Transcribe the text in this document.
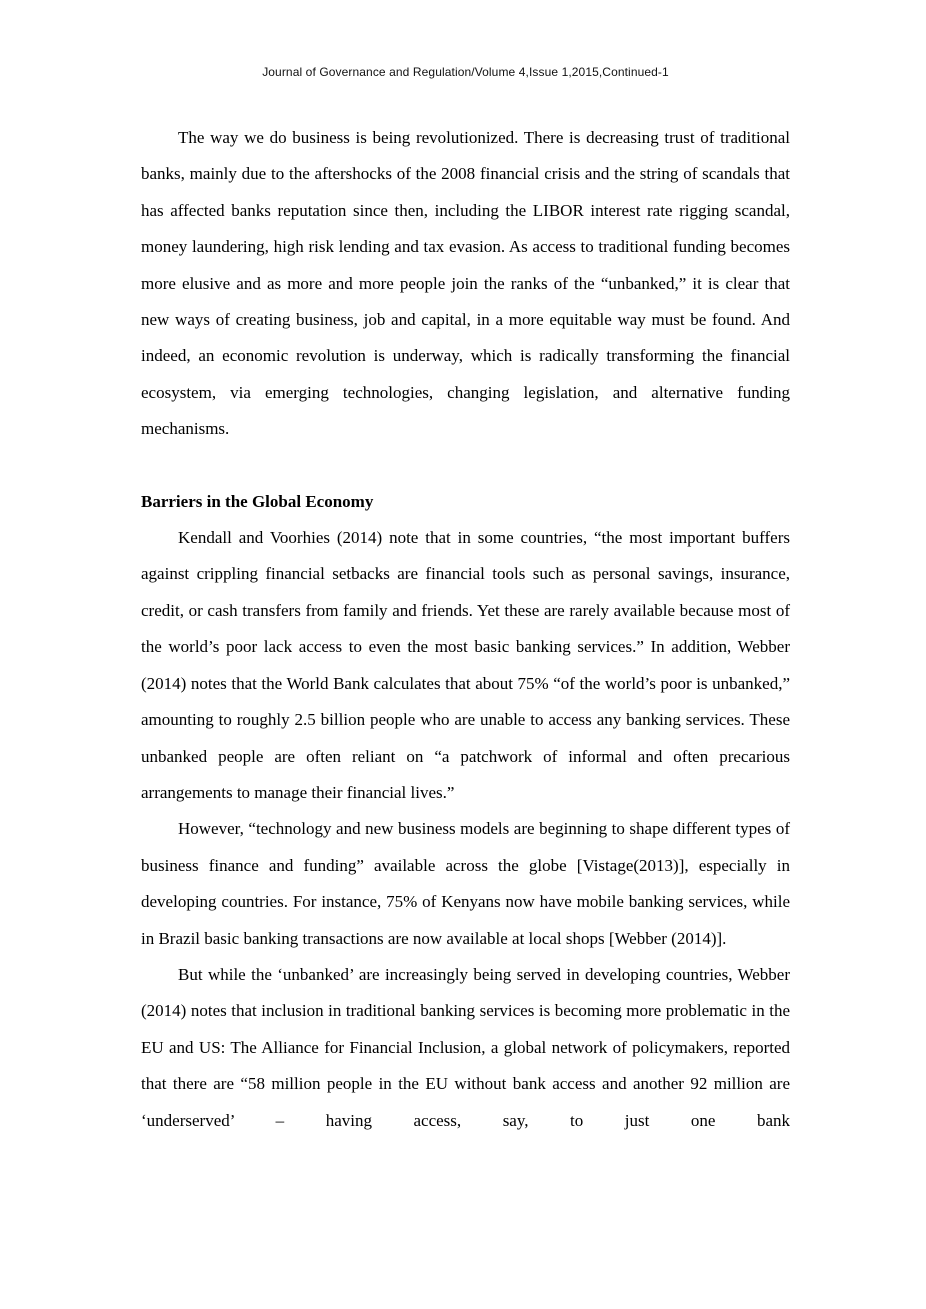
Journal of Governance and Regulation/Volume 4,Issue 1,2015,Continued-1

The way we do business is being revolutionized. There is decreasing trust of traditional banks, mainly due to the aftershocks of the 2008 financial crisis and the string of scandals that has affected banks reputation since then, including the LIBOR interest rate rigging scandal, money laundering, high risk lending and tax evasion. As access to traditional funding becomes more elusive and as more and more people join the ranks of the “unbanked,” it is clear that new ways of creating business, job and capital, in a more equitable way must be found. And indeed, an economic revolution is underway, which is radically transforming the financial ecosystem, via emerging technologies, changing legislation, and alternative funding mechanisms.

Barriers in the Global Economy

Kendall and Voorhies (2014) note that in some countries, “the most important buffers against crippling financial setbacks are financial tools such as personal savings, insurance, credit, or cash transfers from family and friends. Yet these are rarely available because most of the world’s poor lack access to even the most basic banking services.” In addition, Webber (2014) notes that the World Bank calculates that about 75% “of the world’s poor is unbanked,” amounting to roughly 2.5 billion people who are unable to access any banking services. These unbanked people are often reliant on “a patchwork of informal and often precarious arrangements to manage their financial lives.”

However, “technology and new business models are beginning to shape different types of business finance and funding” available across the globe [Vistage(2013)], especially in developing countries. For instance, 75% of Kenyans now have mobile banking services, while in Brazil basic banking transactions are now available at local shops [Webber (2014)].

But while the ‘unbanked’ are increasingly being served in developing countries, Webber (2014) notes that inclusion in traditional banking services is becoming more problematic in the EU and US: The Alliance for Financial Inclusion, a global network of policymakers, reported that there are “58 million people in the EU without bank access and another 92 million are ‘underserved’ – having access, say, to just one bank
